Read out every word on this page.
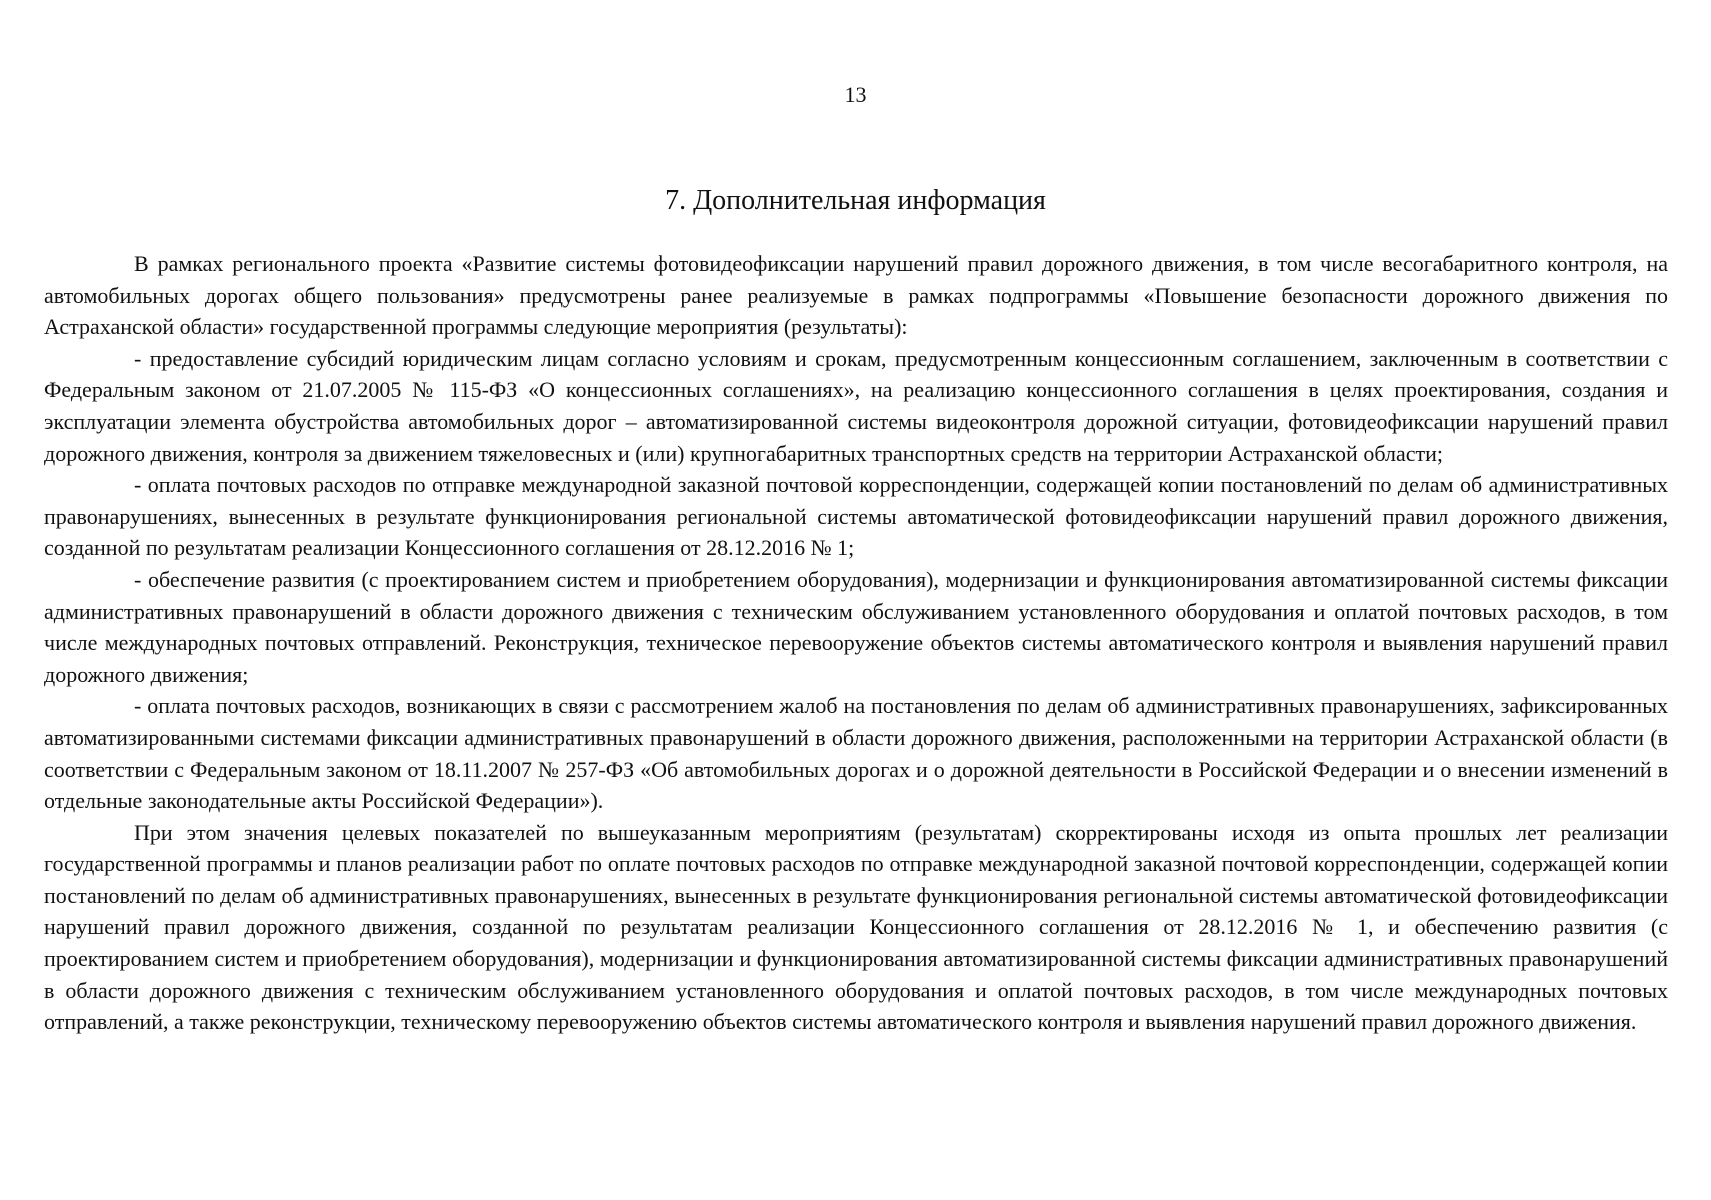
13
7. Дополнительная информация

В рамках регионального проекта «Развитие системы фотовидеофиксации нарушений правил дорожного движения, в том числе весогабаритного контроля, на автомобильных дорогах общего пользования» предусмотрены ранее реализуемые в рамках подпрограммы «Повышение безопасности дорожного движения по Астраханской области» государственной программы следующие мероприятия (результаты):

- предоставление субсидий юридическим лицам согласно условиям и срокам, предусмотренным концессионным соглашением, заключенным в соответствии с Федеральным законом от 21.07.2005 № 115-ФЗ «О концессионных соглашениях», на реализацию концессионного соглашения в целях проектирования, создания и эксплуатации элемента обустройства автомобильных дорог – автоматизированной системы видеоконтроля дорожной ситуации, фотовидеофиксации нарушений правил дорожного движения, контроля за движением тяжеловесных и (или) крупногабаритных транспортных средств на территории Астраханской области;

- оплата почтовых расходов по отправке международной заказной почтовой корреспонденции, содержащей копии постановлений по делам об административных правонарушениях, вынесенных в результате функционирования региональной системы автоматической фотовидеофиксации нарушений правил дорожного движения, созданной по результатам реализации Концессионного соглашения от 28.12.2016 № 1;

- обеспечение развития (с проектированием систем и приобретением оборудования), модернизации и функционирования автоматизированной системы фиксации административных правонарушений в области дорожного движения с техническим обслуживанием установленного оборудования и оплатой почтовых расходов, в том числе международных почтовых отправлений. Реконструкция, техническое перевооружение объектов системы автоматического контроля и выявления нарушений правил дорожного движения;

- оплата почтовых расходов, возникающих в связи с рассмотрением жалоб на постановления по делам об административных правонарушениях, зафиксированных автоматизированными системами фиксации административных правонарушений в области дорожного движения, расположенными на территории Астраханской области (в соответствии с Федеральным законом от 18.11.2007 № 257-ФЗ «Об автомобильных дорогах и о дорожной деятельности в Российской Федерации и о внесении изменений в отдельные законодательные акты Российской Федерации»).

При этом значения целевых показателей по вышеуказанным мероприятиям (результатам) скорректированы исходя из опыта прошлых лет реализации государственной программы и планов реализации работ по оплате почтовых расходов по отправке международной заказной почтовой корреспонденции, содержащей копии постановлений по делам об административных правонарушениях, вынесенных в результате функционирования региональной системы автоматической фотовидеофиксации нарушений правил дорожного движения, созданной по результатам реализации Концессионного соглашения от 28.12.2016 № 1, и обеспечению развития (с проектированием систем и приобретением оборудования), модернизации и функционирования автоматизированной системы фиксации административных правонарушений в области дорожного движения с техническим обслуживанием установленного оборудования и оплатой почтовых расходов, в том числе международных почтовых отправлений, а также реконструкции, техническому перевооружению объектов системы автоматического контроля и выявления нарушений правил дорожного движения.
